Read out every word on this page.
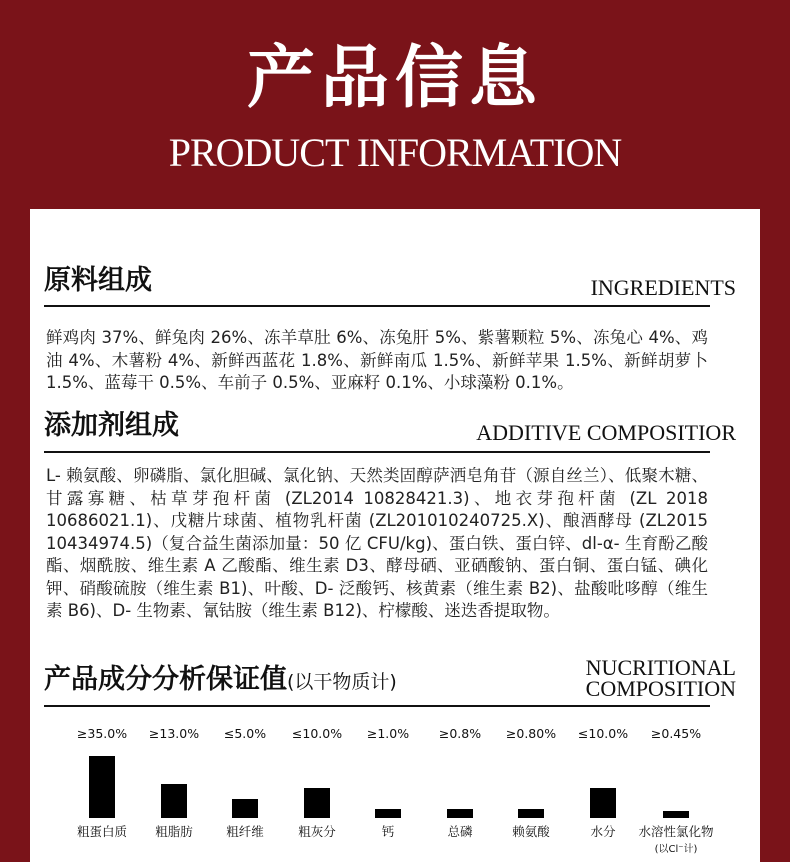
产品信息
PRODUCT INFORMATION
原料组成	INGREDIENTS
鲜鸡肉 37%、鲜兔肉 26%、冻羊草肚 6%、冻兔肝 5%、紫薯颗粒 5%、冻兔心 4%、鸡油 4%、木薯粉 4%、新鲜西蓝花 1.8%、新鲜南瓜 1.5%、新鲜苹果 1.5%、新鲜胡萝卜 1.5%、蓝莓干 0.5%、车前子 0.5%、亚麻籽 0.1%、小球藻粉 0.1%。
添加剂组成	ADDITIVE COMPOSITIOR
L- 赖氨酸、卵磷脂、氯化胆碱、氯化钠、天然类固醇萨洒皂角苷（源自丝兰）、低聚木糖、甘露寡糖、枯草芽孢杆菌 (ZL2014 10828421.3)、地衣芽孢杆菌 (ZL 2018 10686021.1)、戊糖片球菌、植物乳杆菌 (ZL201010240725.X)、酿酒酵母 (ZL2015 10434974.5)（复合益生菌添加量：50 亿 CFU/kg)、蛋白铁、蛋白锌、dl-α- 生育酚乙酸酯、烟酰胺、维生素 A 乙酸酯、维生素 D3、酵母硒、亚硒酸钠、蛋白铜、蛋白锰、碘化钾、硝酸硫胺（维生素 B1)、叶酸、D- 泛酸钙、核黄素（维生素 B2)、盐酸吡哆醇（维生素 B6)、D- 生物素、氰钴胺（维生素 B12)、柠檬酸、迷迭香提取物。
产品成分分析保证值(以干物质计)
NUCRITIONAL
COMPOSITION
≥35.0%
粗蛋白质
≥13.0%
粗脂肪
≤5.0%
粗纤维
≤10.0%
粗灰分
≥1.0%
钙
≥0.8%
总磷
≥0.80%
赖氨酸
≤10.0%
水分
≥0.45%
水溶性氯化物
(以Cl⁻计)
